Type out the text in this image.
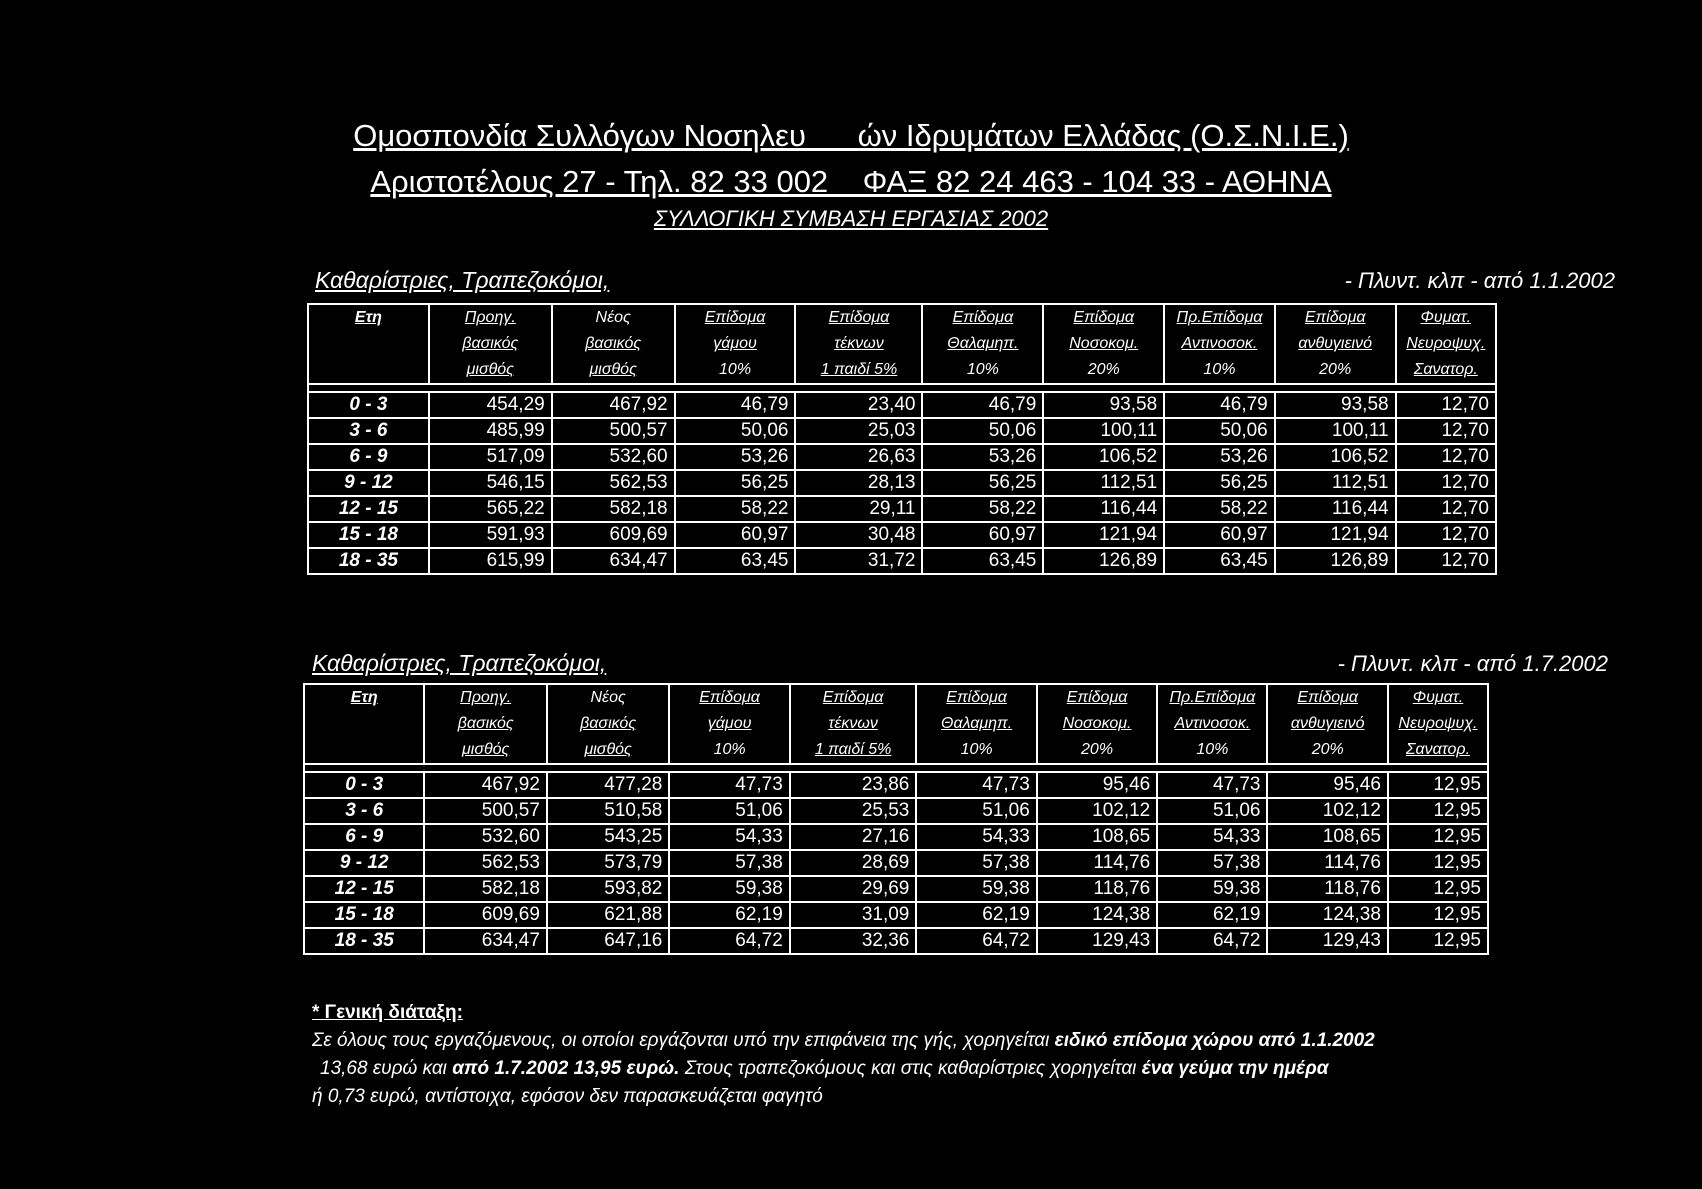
Ομοσπονδία Συλλόγων Νοσηλευ      ών Ιδρυμάτων Ελλάδας (Ο.Σ.Ν.Ι.Ε.)
Αριστοτέλους 27 - Τηλ. 82 33 002    ΦΑΞ 82 24 463 - 104 33 - ΑΘΗΝΑ
ΣΥΛΛΟΓΙΚΗ ΣΥΜΒΑΣΗ ΕΡΓΑΣΙΑΣ 2002
Καθαρίστριες, Τραπεζοκόμοι,	- Πλυντ. κλπ - από 1.1.2002
Ετη	Προηγ.	Νέος	Επίδομα	Επίδομα	Επίδομα	Επίδομα	Πρ.Επίδομα	Επίδομα	Φυματ.
	βασικός	βασικός	γάμου	τέκνων	Θαλαμηπ.	Νοσοκομ.	Αντινοσοκ.	ανθυγιεινό	Νευροψυχ.
	μισθός	μισθός	10%	1 παιδί 5%	10%	20%	10%	20%	Σανατορ.

0 - 3	454,29	467,92	46,79	23,40	46,79	93,58	46,79	93,58	12,70
3 - 6	485,99	500,57	50,06	25,03	50,06	100,11	50,06	100,11	12,70
6 - 9	517,09	532,60	53,26	26,63	53,26	106,52	53,26	106,52	12,70
9 - 12	546,15	562,53	56,25	28,13	56,25	112,51	56,25	112,51	12,70
12 - 15	565,22	582,18	58,22	29,11	58,22	116,44	58,22	116,44	12,70
15 - 18	591,93	609,69	60,97	30,48	60,97	121,94	60,97	121,94	12,70
18 - 35	615,99	634,47	63,45	31,72	63,45	126,89	63,45	126,89	12,70
Καθαρίστριες, Τραπεζοκόμοι,	- Πλυντ. κλπ - από 1.7.2002
Ετη	Προηγ.	Νέος	Επίδομα	Επίδομα	Επίδομα	Επίδομα	Πρ.Επίδομα	Επίδομα	Φυματ.
	βασικός	βασικός	γάμου	τέκνων	Θαλαμηπ.	Νοσοκομ.	Αντινοσοκ.	ανθυγιεινό	Νευροψυχ.
	μισθός	μισθός	10%	1 παιδί 5%	10%	20%	10%	20%	Σανατορ.

0 - 3	467,92	477,28	47,73	23,86	47,73	95,46	47,73	95,46	12,95
3 - 6	500,57	510,58	51,06	25,53	51,06	102,12	51,06	102,12	12,95
6 - 9	532,60	543,25	54,33	27,16	54,33	108,65	54,33	108,65	12,95
9 - 12	562,53	573,79	57,38	28,69	57,38	114,76	57,38	114,76	12,95
12 - 15	582,18	593,82	59,38	29,69	59,38	118,76	59,38	118,76	12,95
15 - 18	609,69	621,88	62,19	31,09	62,19	124,38	62,19	124,38	12,95
18 - 35	634,47	647,16	64,72	32,36	64,72	129,43	64,72	129,43	12,95
* Γενική διάταξη:
Σε όλους τους εργαζόμενους, οι οποίοι εργάζονται υπό την επιφάνεια της γής, χορηγείται ειδικό επίδομα χώρου από 1.1.2002
13,68 ευρώ και από 1.7.2002 13,95 ευρώ. Στους τραπεζοκόμους και στις καθαρίστριες χορηγείται ένα γεύμα την ημέρα
ή 0,73 ευρώ, αντίστοιχα, εφόσον δεν παρασκευάζεται φαγητό
